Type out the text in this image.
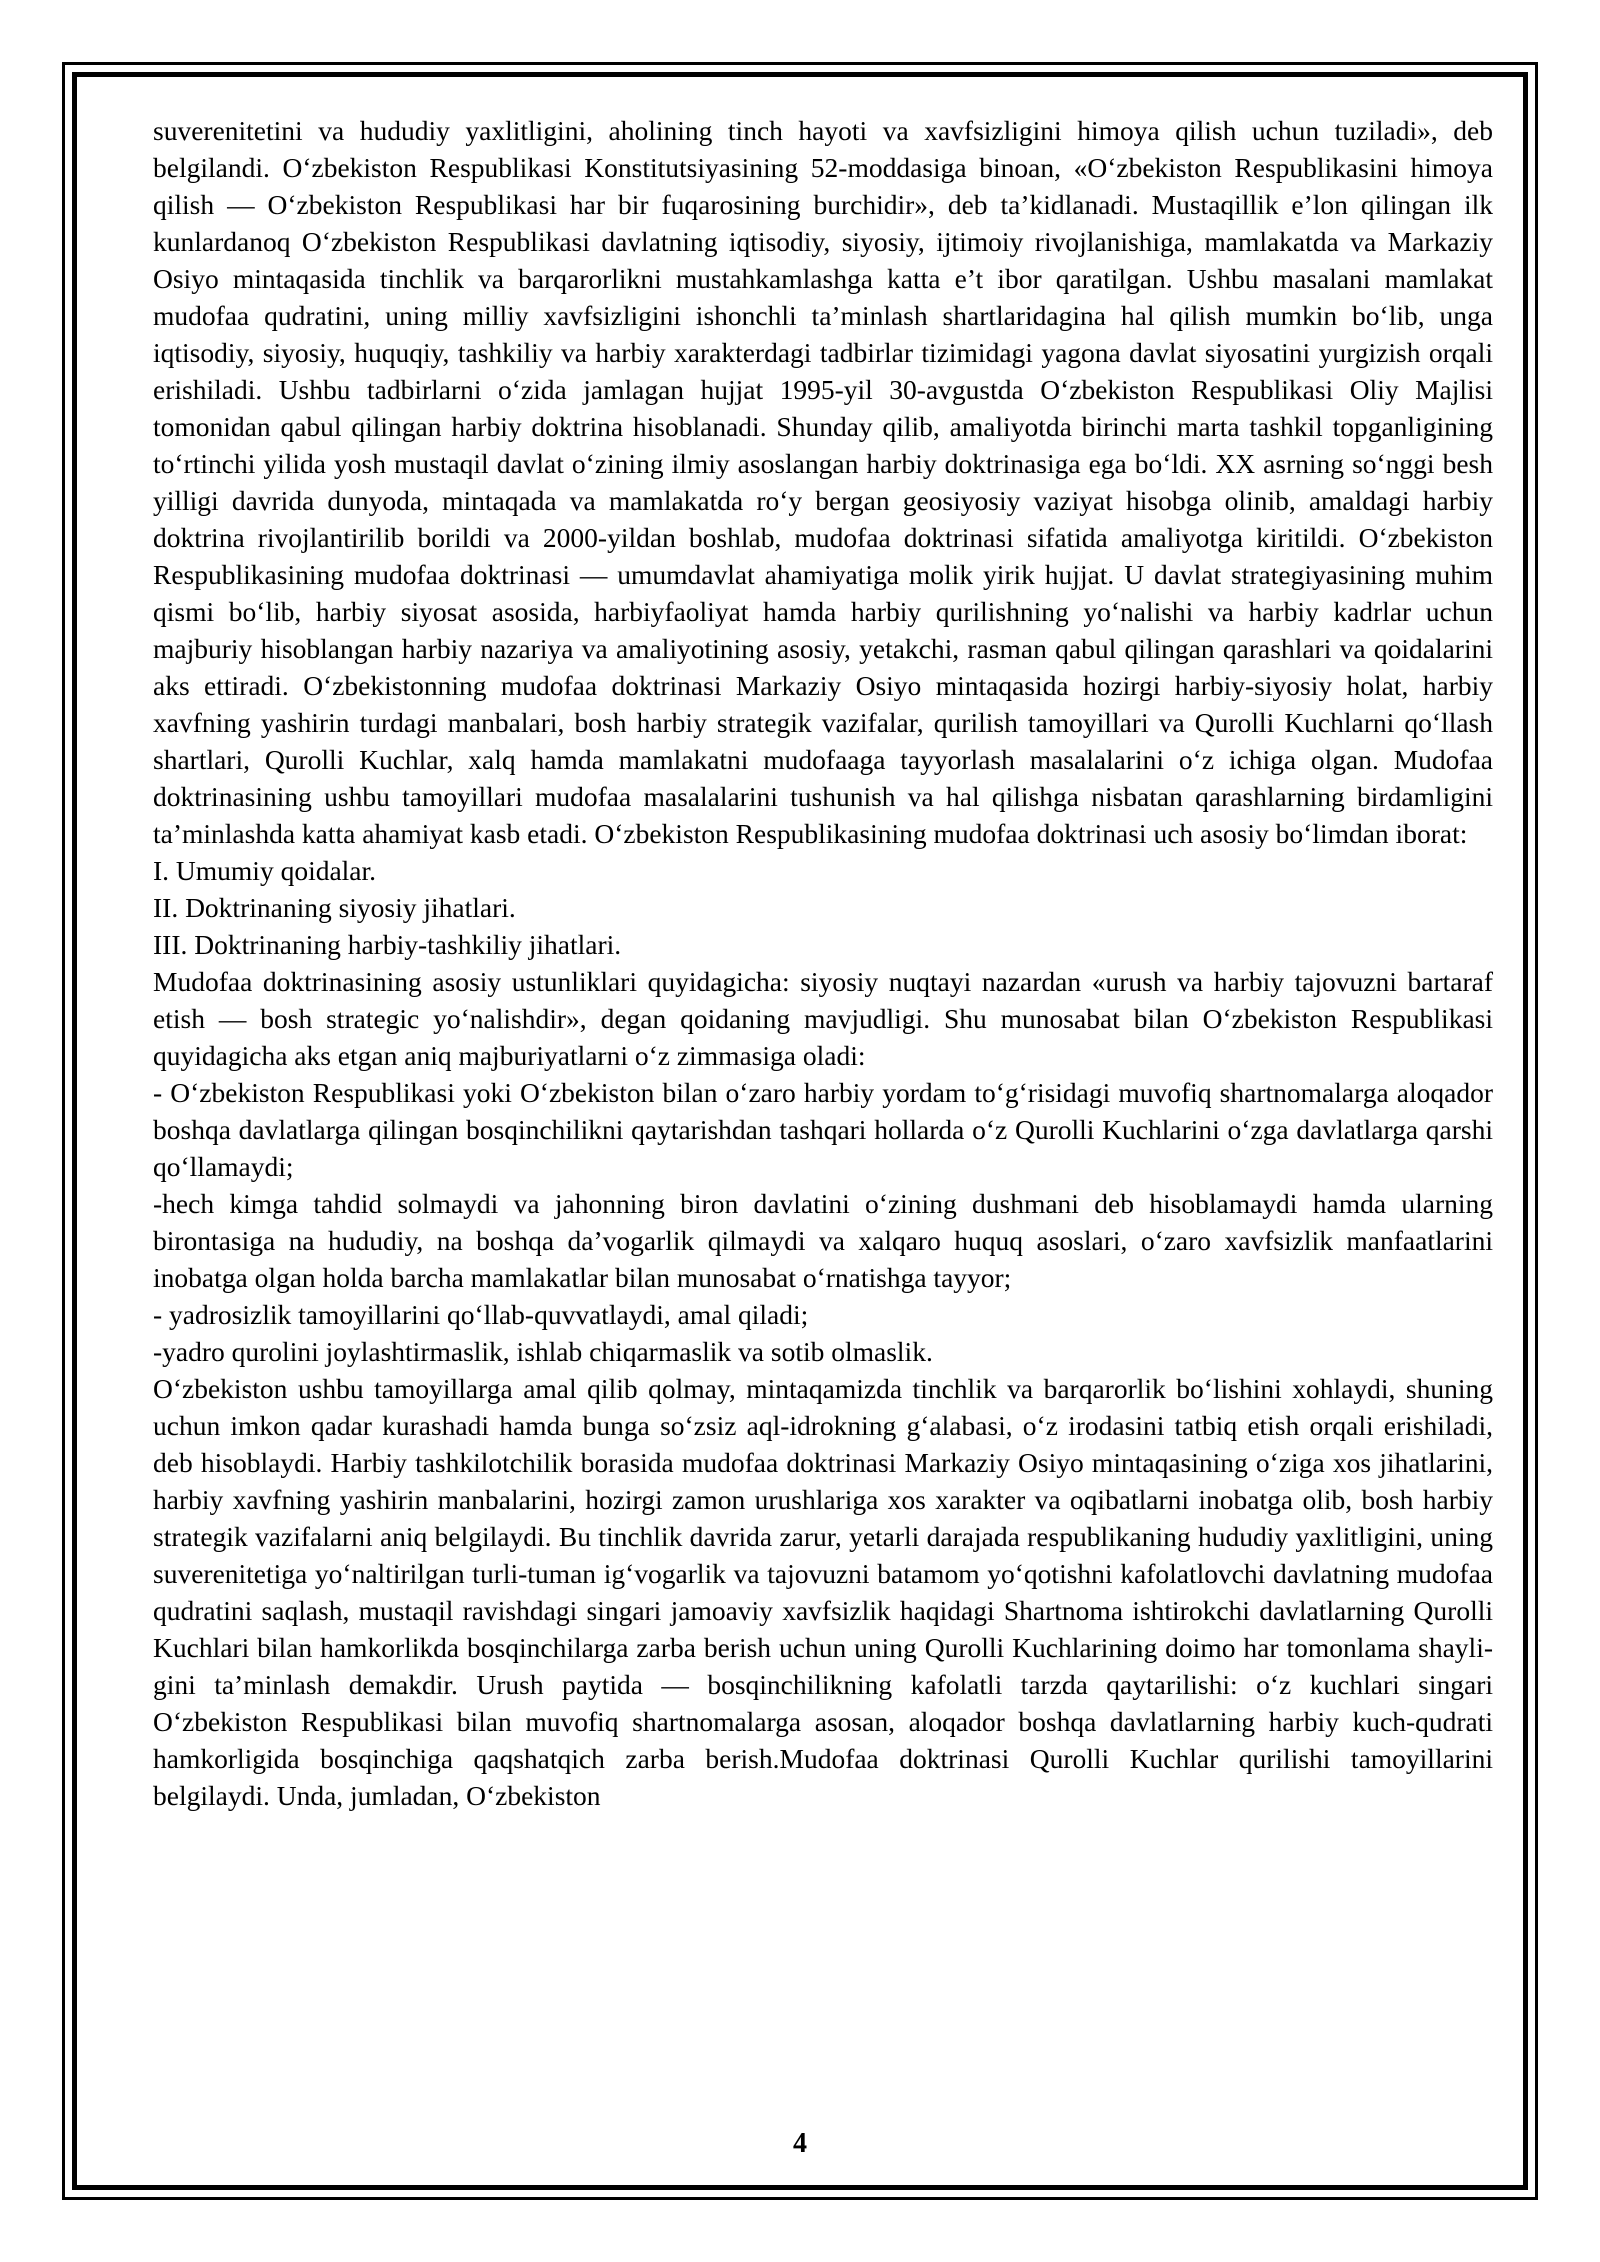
suverenitetini va hududiy yaxlitligini, aholining tinch hayoti va xavfsizligini himoya qilish uchun tuziladi», deb belgilandi. O‘zbekiston Respublikasi Konstitutsiyasining 52-moddasiga binoan, «O‘zbekiston Respublikasini himoya qilish — O‘zbekiston Respublikasi har bir fuqarosining burchidir», deb ta’kidlanadi. Mustaqillik e’lon qilingan ilk kunlardanoq O‘zbekiston Respublikasi davlatning iqtisodiy, siyosiy, ijtimoiy rivojlanishiga, mamlakatda va Markaziy Osiyo mintaqasida tinchlik va barqarorlikni mustahkamlashga katta e’t ibor qaratilgan. Ushbu masalani mamlakat mudofaa qudratini, uning milliy xavfsizligini ishonchli ta’minlash shartlaridagina hal qilish mumkin bo‘lib, unga iqtisodiy, siyosiy, huquqiy, tashkiliy va harbiy xarakterdagi tadbirlar tizimidagi yagona davlat siyosatini yurgizish orqali erishiladi. Ushbu tadbirlarni o‘zida jamlagan hujjat 1995-yil 30-avgustda O‘zbekiston Respublikasi Oliy Majlisi tomonidan qabul qilingan harbiy doktrina hisoblanadi. Shunday qilib, amaliyotda birinchi marta tashkil topganligining to‘rtinchi yilida yosh mustaqil davlat o‘zining ilmiy asoslangan harbiy doktrinasiga ega bo‘ldi. XX asrning so‘nggi besh yilligi davrida dunyoda, mintaqada va mamlakatda ro‘y bergan geosiyosiy vaziyat hisobga olinib, amaldagi harbiy doktrina rivojlantirilib borildi va 2000-yildan boshlab, mudofaa doktrinasi sifatida amaliyotga kiritildi. O‘zbekiston Respublikasining mudofaa doktrinasi — umumdavlat ahamiyatiga molik yirik hujjat. U davlat strategiyasining muhim qismi bo‘lib, harbiy siyosat asosida, harbiyfaoliyat hamda harbiy qurilishning yo‘nalishi va harbiy kadrlar uchun majburiy hisoblangan harbiy nazariya va amaliyotining asosiy, yetakchi, rasman qabul qilingan qarashlari va qoidalarini aks ettiradi. O‘zbekistonning mudofaa doktrinasi Markaziy Osiyo mintaqasida hozirgi harbiy-siyosiy holat, harbiy xavfning yashirin turdagi manbalari, bosh harbiy strategik vazifalar, qurilish tamoyillari va Qurolli Kuchlarni qo‘llash shartlari, Qurolli Kuchlar, xalq hamda mamlakatni mudofaaga tayyorlash masalalarini o‘z ichiga olgan. Mudofaa doktrinasining ushbu tamoyillari mudofaa masalalarini tushunish va hal qilishga nisbatan qarashlarning birdamligini ta’minlashda katta ahamiyat kasb etadi. O‘zbekiston Respublikasining mudofaa doktrinasi uch asosiy bo‘limdan iborat:

I. Umumiy qoidalar.

II. Doktrinaning siyosiy jihatlari.

III. Doktrinaning harbiy-tashkiliy jihatlari.

Mudofaa doktrinasining asosiy ustunliklari quyidagicha: siyosiy nuqtayi nazardan «urush va harbiy tajovuzni bartaraf etish — bosh strategic yo‘nalishdir», degan qoidaning mavjudligi. Shu munosabat bilan O‘zbekiston Respublikasi quyidagicha aks etgan aniq majburiyatlarni o‘z zimmasiga oladi:

- O‘zbekiston Respublikasi yoki O‘zbekiston bilan o‘zaro harbiy yordam to‘g‘risidagi muvofiq shartnomalarga aloqador boshqa davlatlarga qilingan bosqinchilikni qaytarishdan tashqari hollarda o‘z Qurolli Kuchlarini o‘zga davlatlarga qarshi qo‘llamaydi;

-hech kimga tahdid solmaydi va jahonning biron davlatini o‘zining dushmani deb hisoblamaydi hamda ularning birontasiga na hududiy, na boshqa da’vogarlik qilmaydi va xalqaro huquq asoslari, o‘zaro xavfsizlik manfaatlarini inobatga olgan holda barcha mamlakatlar bilan munosabat o‘rnatishga tayyor;

- yadrosizlik tamoyillarini qo‘llab-quvvatlaydi, amal qiladi;

-yadro qurolini joylashtirmaslik, ishlab chiqarmaslik va sotib olmaslik.

O‘zbekiston ushbu tamoyillarga amal qilib qolmay, mintaqamizda tinchlik va barqarorlik bo‘lishini xohlaydi, shuning uchun imkon qadar kurashadi hamda bunga so‘zsiz aql-idrokning g‘alabasi, o‘z irodasini tatbiq etish orqali erishiladi, deb hisoblaydi. Harbiy tashkilotchilik borasida mudofaa doktrinasi Markaziy Osiyo mintaqasining o‘ziga xos jihatlarini, harbiy xavfning yashirin manbalarini, hozirgi zamon urushlariga xos xarakter va oqibatlarni inobatga olib, bosh harbiy strategik vazifalarni aniq belgilaydi. Bu tinchlik davrida zarur, yetarli darajada respublikaning hududiy yaxlitligini, uning suverenitetiga yo‘naltirilgan turli-tuman ig‘vogarlik va tajovuzni batamom yo‘qotishni kafolatlovchi davlatning mudofaa qudratini saqlash, mustaqil ravishdagi singari jamoaviy xavfsizlik haqidagi Shartnoma ishtirokchi davlatlarning Qurolli Kuchlari bilan hamkorlikda bosqinchilarga zarba berish uchun uning Qurolli Kuchlarining doimo har tomonlama shayli- gini ta’minlash demakdir. Urush paytida — bosqinchilikning kafolatli tarzda qaytarilishi: o‘z kuchlari singari O‘zbekiston Respublikasi bilan muvofiq shartnomalarga asosan, aloqador boshqa davlatlarning harbiy kuch-qudrati hamkorligida bosqinchiga qaqshatqich zarba berish.Mudofaa doktrinasi Qurolli Kuchlar qurilishi tamoyillarini belgilaydi. Unda, jumladan, O‘zbekiston

4
